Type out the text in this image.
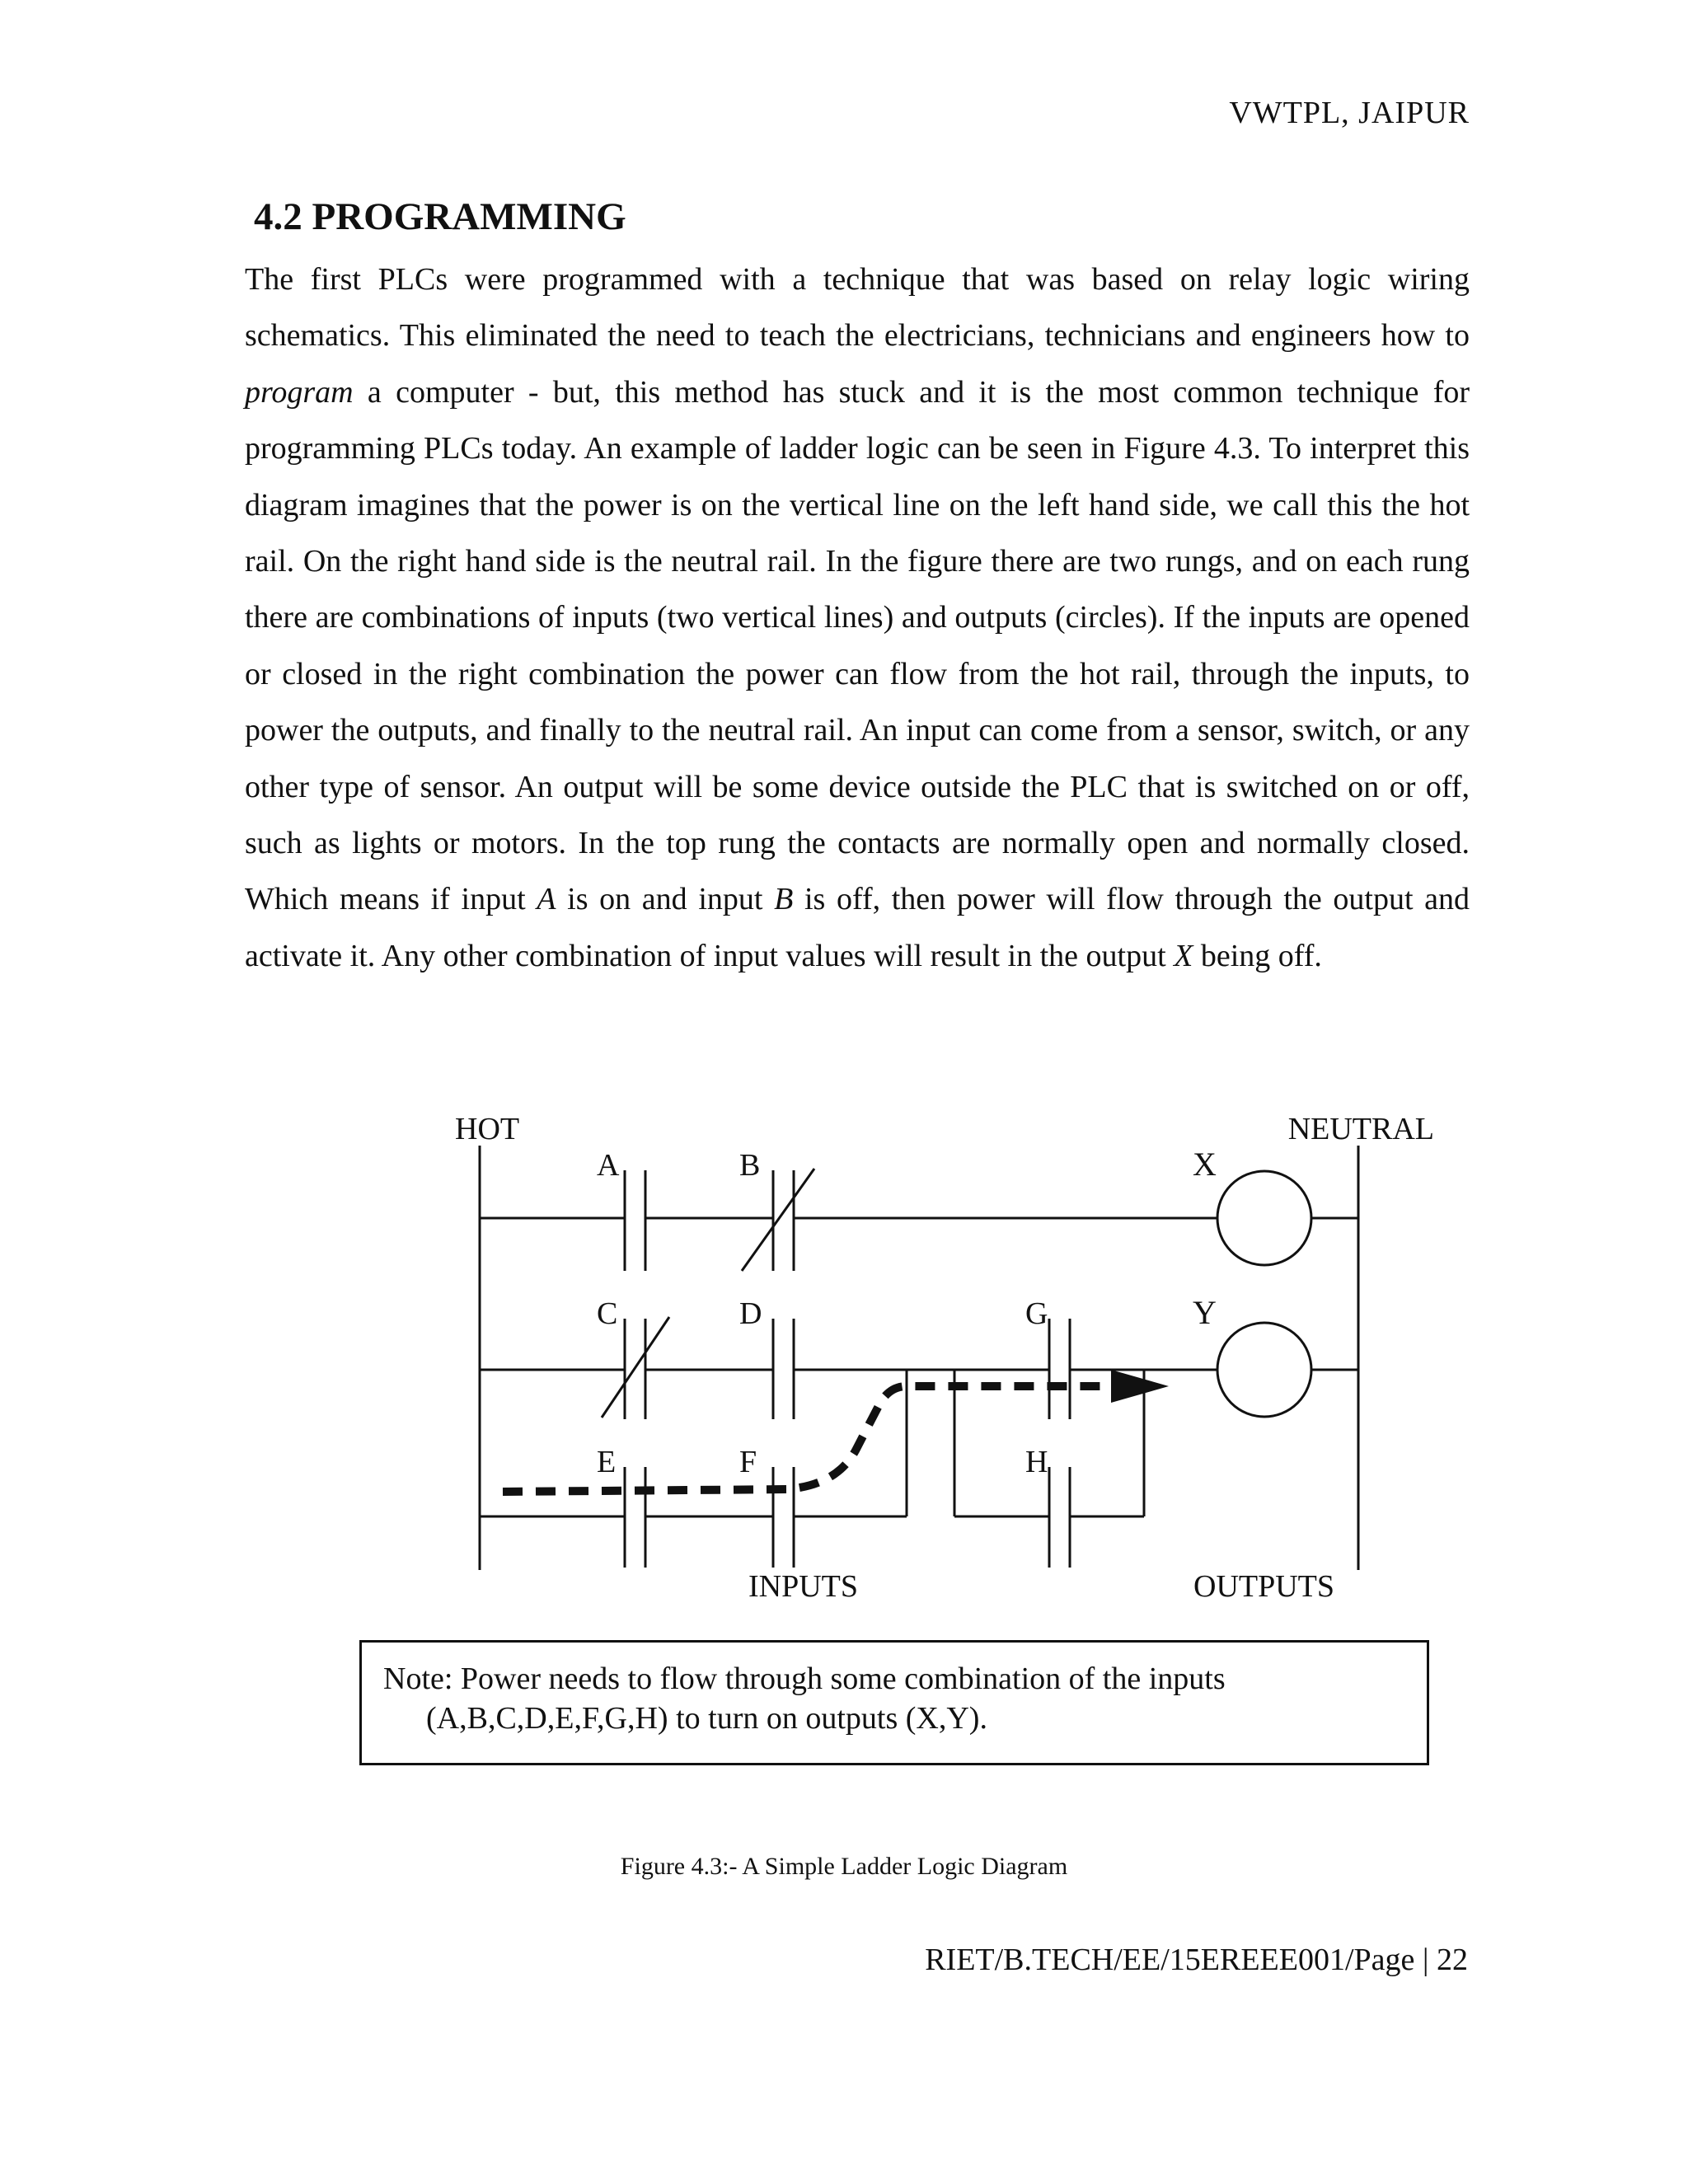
VWTPL, JAIPUR
4.2 PROGRAMMING

The first PLCs were programmed with a technique that was based on relay logic wiring schematics. This eliminated the need to teach the electricians, technicians and engineers how to program a computer - but, this method has stuck and it is the most common technique for programming PLCs today. An example of ladder logic can be seen in Figure 4.3. To interpret this diagram imagines that the power is on the vertical line on the left hand side, we call this the hot rail. On the right hand side is the neutral rail. In the figure there are two rungs, and on each rung there are combinations of inputs (two vertical lines) and outputs (circles). If the inputs are opened or closed in the right combination the power can flow from the hot rail, through the inputs, to power the outputs, and finally to the neutral rail. An input can come from a sensor, switch, or any other type of sensor. An output will be some device outside the PLC that is switched on or off, such as lights or motors. In the top rung the contacts are normally open and normally closed. Which means if input A is on and input B is off, then power will flow through the output and activate it. Any other combination of input values will result in the output X being off.

HOT	NEUTRAL
A	B	X
C	D	G	Y
E	F	H
INPUTS	OUTPUTS
Note: Power needs to flow through some combination of the inputs
(A,B,C,D,E,F,G,H) to turn on outputs (X,Y).
Figure 4.3:- A Simple Ladder Logic Diagram
RIET/B.TECH/EE/15EREEE001/Page | 22
